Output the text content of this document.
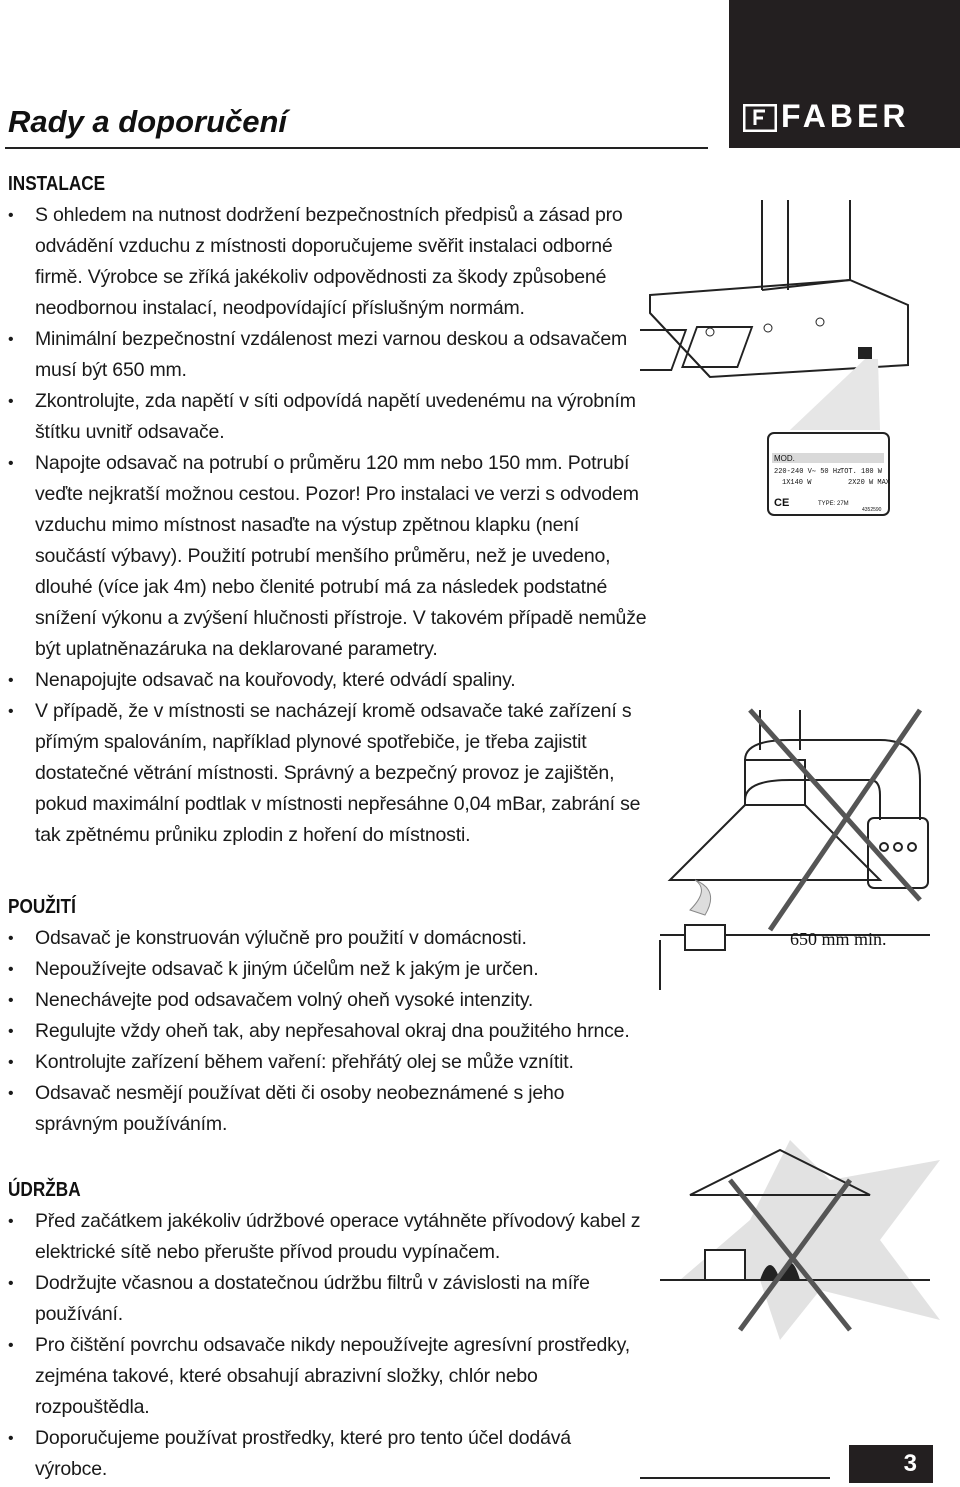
FABER
Rady a doporučení
INSTALACE
• S ohledem na nutnost dodržení bezpečnostních předpisů a zásad pro odvádění vzduchu z místnosti doporučujeme svěřit instalaci odborné firmě. Výrobce se zříká jakékoliv odpovědnosti za škody způsobené neodbornou instalací, neodpovídající příslušným normám.
• Minimální bezpečnostní vzdálenost mezi varnou deskou a odsavačem musí být 650 mm.
• Zkontrolujte, zda napětí v síti odpovídá napětí uvedenému na výrobním štítku uvnitř odsavače.
• Napojte odsavač na potrubí o průměru 120 mm nebo 150 mm. Potrubí veďte nejkratší možnou cestou. Pozor! Pro instalaci ve verzi s odvodem vzduchu mimo místnost nasaďte na výstup zpětnou klapku (není součástí výbavy). Použití potrubí menšího průměru, než je uvedeno, dlouhé (více jak 4m) nebo členité potrubí má za následek podstatné snížení výkonu a zvýšení hlučnosti přístroje. V takovém případě nemůže být uplatněnazáruka na deklarované parametry.
• Nenapojujte odsavač na kouřovody, které odvádí spaliny.
• V případě, že v místnosti se nacházejí kromě odsavače také zařízení s přímým spalováním, například plynové spotřebiče, je třeba zajistit dostatečné větrání místnosti. Správný a bezpečný provoz je zajištěn, pokud maximální podtlak v místnosti nepřesáhne 0,04 mBar, zabrání se tak zpětnému průniku zplodin z hoření do místnosti.
POUŽITÍ
• Odsavač je konstruován výlučně pro použití v domácnosti.
• Nepoužívejte odsavač k jiným účelům než k jakým je určen.
• Nenechávejte pod odsavačem volný oheň vysoké intenzity.
• Regulujte vždy oheň tak, aby nepřesahoval okraj dna použitého hrnce.
• Kontrolujte zařízení během vaření: přehřátý olej se může vznítit.
• Odsavač nesmějí používat děti či osoby neobeznámené s jeho správným používáním.
ÚDRŽBA
• Před začátkem jakékoliv údržbové operace vytáhněte přívodový kabel z elektrické sítě nebo přerušte přívod proudu vypínačem.
• Dodržujte včasnou a dostatečnou údržbu filtrů v závislosti na míře používání.
• Pro čištění povrchu odsavače nikdy nepoužívejte agresívní prostředky, zejména takové, které obsahují abrazivní složky, chlór nebo rozpouštědla.
• Doporučujeme používat prostředky, které pro tento účel dodává výrobce.
MOD.
220-240 V∼ 50 Hz
TOT. 180 W
1X140 W	2X20 W MAX
CE	TYPE: 27M
4352590
650 mm min.
3
